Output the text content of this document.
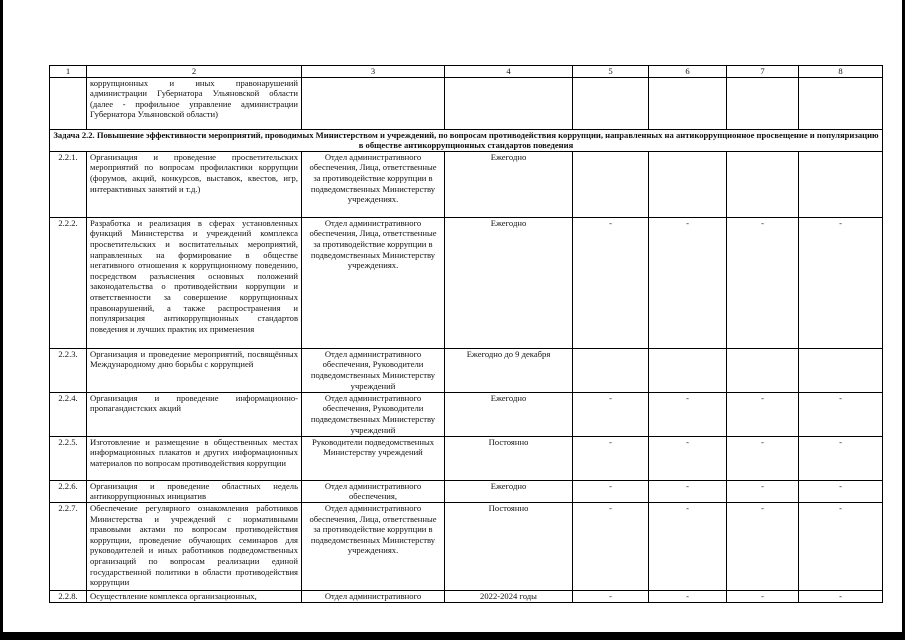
1	2	3	4	5	6	7	8
	коррупционных и иных правонарушений администрации Губернатора Ульяновской области (далее - профильное управление администрации Губернатора Ульяновской области)						
Задача 2.2. Повышение эффективности мероприятий, проводимых Министерством и учреждений, по вопросам противодействия коррупции, направленных на антикоррупционное просвещение и популяризацию в обществе антикоррупционных стандартов поведения							
2.2.1.	Организация и проведение просветительских мероприятий по вопросам профилактики коррупции (форумов, акций, конкурсов, выставок, квестов, игр, интерактивных занятий и т.д.)	Отдел административного обеспечения, Лица, ответственные за противодействие коррупции в подведомственных Министерству учреждениях.	Ежегодно				
2.2.2.	Разработка и реализация в сферах установленных функций Министерства и учреждений комплекса просветительских и воспитательных мероприятий, направленных на формирование в обществе негативного отношения к коррупционному поведению, посредством разъяснения основных положений законодательства о противодействии коррупции и ответственности за совершение коррупционных правонарушений, а также распространения и популяризация антикоррупционных стандартов поведения и лучших практик их применения	Отдел административного обеспечения, Лица, ответственные за противодействие коррупции в подведомственных Министерству учреждениях.	Ежегодно	-	-	-	-
2.2.3.	Организация и проведение мероприятий, посвящённых Международному дню борьбы с коррупцией	Отдел административного обеспечения, Руководители подведомственных Министерству учреждений	Ежегодно до 9 декабря				
2.2.4.	Организация и проведение информационно-пропагандистских акций	Отдел административного обеспечения, Руководители подведомственных Министерству учреждений	Ежегодно	-	-	-	-
2.2.5.	Изготовление и размещение в общественных местах информационных плакатов и других информационных материалов по вопросам противодействия коррупции	Руководители подведомственных Министерству учреждений	Постоянно	-	-	-	-
2.2.6.	Организация и проведение областных недель антикоррупционных инициатив	Отдел административного обеспечения,	Ежегодно	-	-	-	-
2.2.7.	Обеспечение регулярного ознакомления работников Министерства и учреждений с нормативными правовыми актами по вопросам противодействия коррупции, проведение обучающих семинаров для руководителей и иных работников подведомственных организаций по вопросам реализации единой государственной политики в области противодействия коррупции	Отдел административного обеспечения, Лица, ответственные за противодействие коррупции в подведомственных Министерству учреждениях.	Постоянно	-	-	-	-
2.2.8.	Осуществление комплекса организационных,	Отдел административного	2022-2024 годы	-	-	-	-
